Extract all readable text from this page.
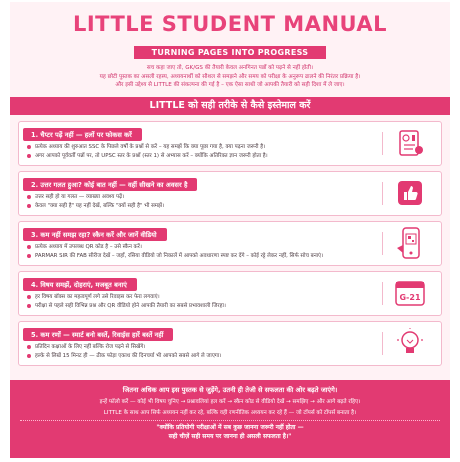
LITTLE STUDENT MANUAL
TURNING PAGES INTO PROGRESS
सच कहा जाए तो, GK/GS की तैयारी केवल अनगिनत पन्नों को पढ़ने से नहीं होती।
यह छोटी पुस्तक का असली रहस्य, अध्ययनार्थी को सौशल से समझने और समय को परीक्षा के अनुरूप ढालने की निरंतर प्रक्रिया है।
और इसी उद्देश्य से LITTLE की संकल्पना की गई है – एक ऐसा साथी जो आपकी तैयारी को सही दिशा में ले जाए।
LITTLE को सही तरीके से कैसे इस्तेमाल करें
1. चैप्टर पढ़ें नहीं — हलों पर फोकस करें
प्रत्येक अध्याय की शुरुआत SSC के पिछले वर्षों के प्रश्नों से करें – यह समझें कि क्या पूछा गया है, क्या पढ़ना जरूरी है।
अगर आपको पूर्ववर्ती पन्नों पर, तो UPSC स्तर के प्रश्नों (स्तर 1) से अभ्यास करें – क्योंकि अतिरिक्त ज्ञान जरूरी होता है।
2. उत्तर गलत हुआ? कोई बात नहीं — वहीं सीखने का अवसर है
उत्तर सही हो या गलत — व्याख्या अवश्य पढ़ें।
केवल "क्या सही है" यह नहीं देखें, बल्कि "क्यों सही है" भी समझें।
3. कम नहीं समझ रहा? स्कैन करें और जानें वीडियो
प्रत्येक अध्याय में उपलब्ध QR कोड है – उसे स्कैन करें।
PARMAR SIR की FAB सीरीज देखें – जहाँ, रसिया वीडियो जो निकालें में आपको अवधारणा स्पष्ट कर देंगे – कोई रट्टे लेकर नहीं, सिर्फ सोच बनाएं।
4. विषय समझें, दोहराएं, मजबूत बनाएं
हर विषय बॉक्स का महत्वपूर्ण लगे उसे रिवाइस कर फेरा लगवाएं।
परीक्षा से पहले सही विभिन्न प्रश्न और QR वीडियो होने आपकी तैयारी का सबसे प्रभावशाली जिरहा।
G-21
5. कम रणों — स्मार्ट बनो बस्तें, रिवाईस हारें बस्तें नहीं
प्रतिदिन कक्षाओं के लिए नहीं बल्कि रोज पढ़ने से सिखेंगे।
हल्के से लिखें 15 मिनट ही — ठीक फोड़ा एकाध की दिनचर्या भी आपको सबसे आगे ले जाएगा।
जितना अधिक आप इस पुस्तक से जुड़ेंगे, उतनी ही तेजी से सफलता की ओर बढ़ते जाएंगे।
इन्हें फॉलो करें — कोई भी विषय चुनिए → प्रश्नावलियां हल करें → स्कैन कोड से वीडियो देखें → समझिए → और आगे बढ़ते रहिए।
LITTLE के साथ आप सिर्फ अध्ययन नहीं कर रहे, बल्कि वही रणनीतिक अध्ययन कर रहे हैं — जो टॉपर्स को टॉपर्स बनाता है।
"क्योंकि प्रतियोगी परीक्षाओं में सब कुछ जानना जरूरी नहीं होता —
सही चीज़ें सही समय पर जानना ही असली सफलता है।"
